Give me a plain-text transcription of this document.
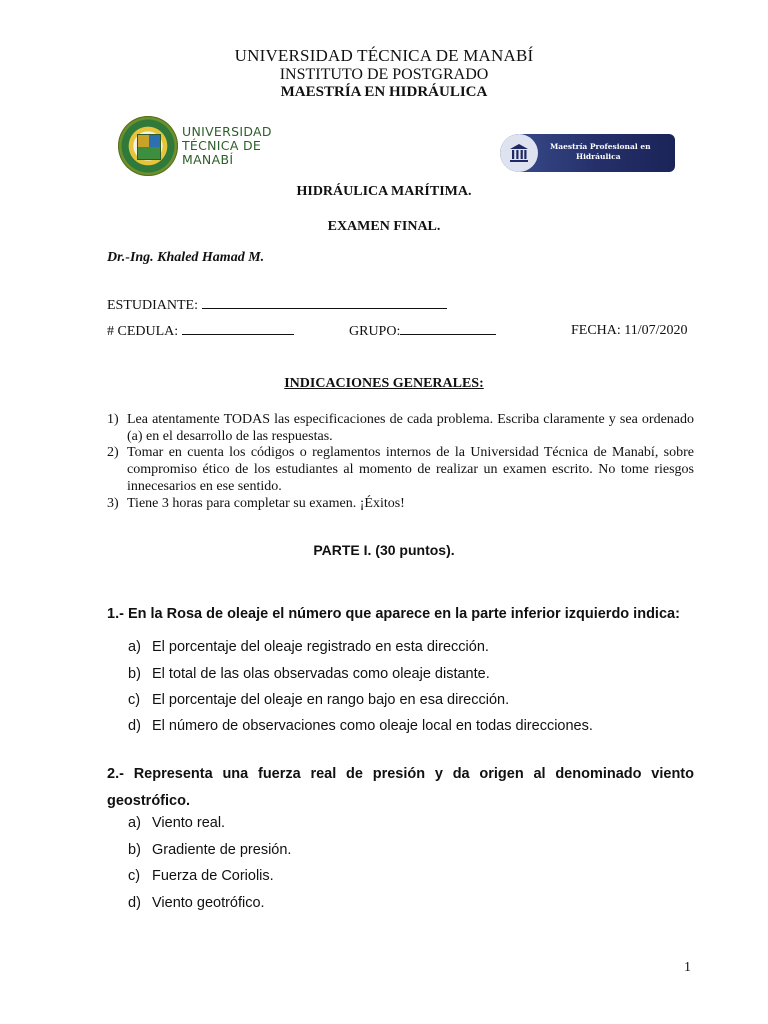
UNIVERSIDAD TÉCNICA DE MANABÍ
INSTITUTO DE POSTGRADO
MAESTRÍA EN HIDRÁULICA
UNIVERSIDAD
TÉCNICA DE
MANABÍ
Maestría Profesional en
Hidráulica
HIDRÁULICA MARÍTIMA.
EXAMEN FINAL.
Dr.-Ing. Khaled Hamad M.
ESTUDIANTE:
# CEDULA:	GRUPO:	FECHA: 11/07/2020
INDICACIONES GENERALES:
1) Lea atentamente TODAS las especificaciones de cada problema. Escriba claramente y sea ordenado (a) en el desarrollo de las respuestas.
2) Tomar en cuenta los códigos o reglamentos internos de la Universidad Técnica de Manabí, sobre compromiso ético de los estudiantes al momento de realizar un examen escrito. No tome riesgos innecesarios en ese sentido.
3) Tiene 3 horas para completar su examen. ¡Éxitos!
PARTE I. (30 puntos).
1.- En la Rosa de oleaje el número que aparece en la parte inferior izquierdo indica:
a) El porcentaje del oleaje registrado en esta dirección.
b) El total de las olas observadas como oleaje distante.
c) El porcentaje del oleaje en rango bajo en esa dirección.
d) El número de observaciones como oleaje local en todas direcciones.
2.- Representa una fuerza real de presión y da origen al denominado viento geostrófico.
a) Viento real.
b) Gradiente de presión.
c) Fuerza de Coriolis.
d) Viento geotrófico.
1
